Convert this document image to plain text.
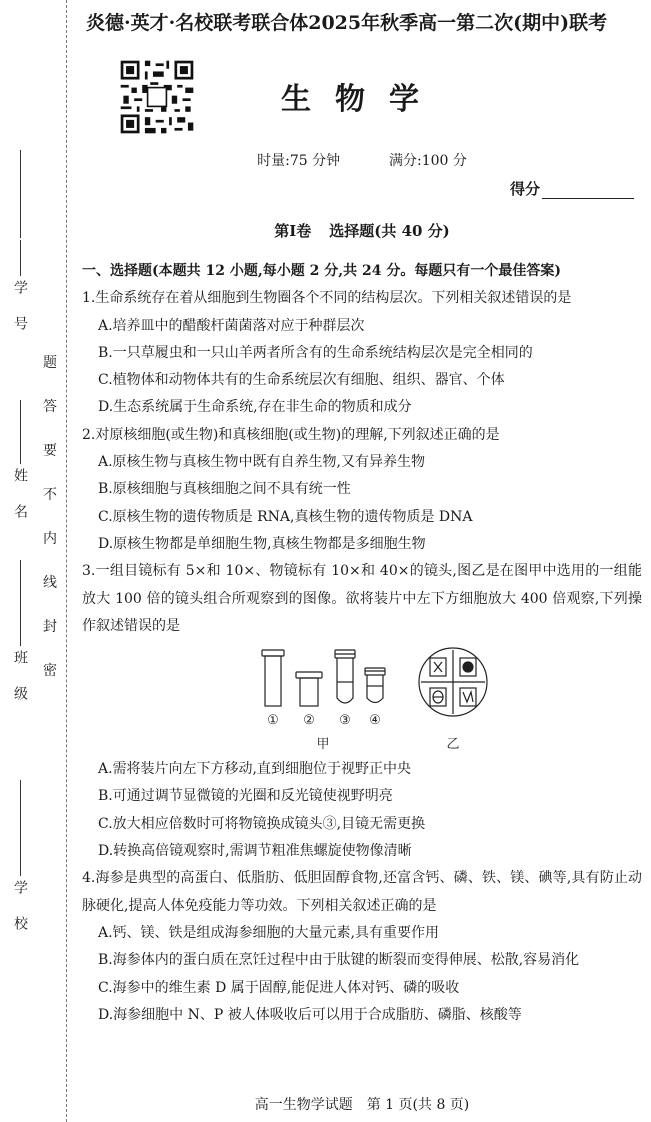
学号
姓名
班级
学校
题
答
要
不
内
线
封
密
炎德·英才·名校联考联合体2025年秋季高一第二次(期中)联考
生物学
时量:75 分钟	满分:100 分
得分
第Ⅰ卷 选择题(共 40 分)

一、选择题(本题共 12 小题,每小题 2 分,共 24 分。每题只有一个最佳答案)

1.生命系统存在着从细胞到生物圈各个不同的结构层次。下列相关叙述错误的是

A.培养皿中的醋酸杆菌菌落对应于种群层次

B.一只草履虫和一只山羊两者所含有的生命系统结构层次是完全相同的

C.植物体和动物体共有的生命系统层次有细胞、组织、器官、个体

D.生态系统属于生命系统,存在非生命的物质和成分

2.对原核细胞(或生物)和真核细胞(或生物)的理解,下列叙述正确的是

A.原核生物与真核生物中既有自养生物,又有异养生物

B.原核细胞与真核细胞之间不具有统一性

C.原核生物的遗传物质是 RNA,真核生物的遗传物质是 DNA

D.原核生物都是单细胞生物,真核生物都是多细胞生物

3.一组目镜标有 5×和 10×、物镜标有 10×和 40×的镜头,图乙是在图甲中选用的一组能放大 100 倍的镜头组合所观察到的图像。欲将装片中左下方细胞放大 400 倍观察,下列操作叙述错误的是

① ② ③ ④
甲	乙

A.需将装片向左下方移动,直到细胞位于视野正中央

B.可通过调节显微镜的光圈和反光镜使视野明亮

C.放大相应倍数时可将物镜换成镜头③,目镜无需更换

D.转换高倍镜观察时,需调节粗准焦螺旋使物像清晰

4.海参是典型的高蛋白、低脂肪、低胆固醇食物,还富含钙、磷、铁、镁、碘等,具有防止动脉硬化,提高人体免疫能力等功效。下列相关叙述正确的是

A.钙、镁、铁是组成海参细胞的大量元素,具有重要作用

B.海参体内的蛋白质在烹饪过程中由于肽键的断裂而变得伸展、松散,容易消化

C.海参中的维生素 D 属于固醇,能促进人体对钙、磷的吸收

D.海参细胞中 N、P 被人体吸收后可以用于合成脂肪、磷脂、核酸等

高一生物学试题　第 1 页(共 8 页)
